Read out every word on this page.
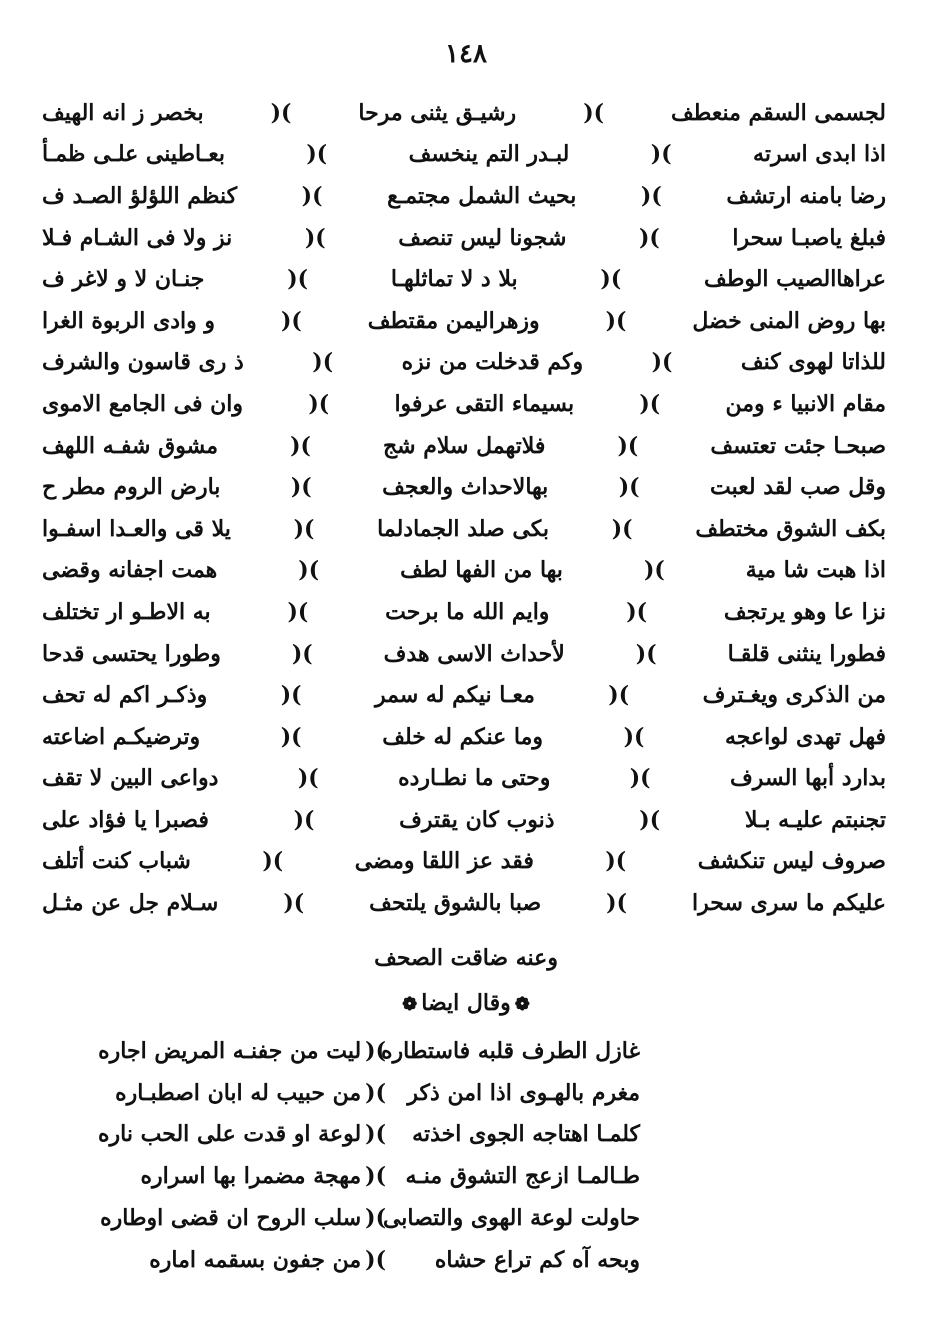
١٤٨
لجسمى السقم منعطف
)(
رشيـق يثنى مرحا
)(
بخصر ز انه الهيف
اذا ابدى اسرته
)(
لبـدر التم ينخسف
)(
بعـاطينى علـى ظمـأ
رضا بامنه ارتشف
)(
بحيث الشمل مجتمـع
)(
كنظم اللؤلؤ الصـد ف
فبلغ ياصبـا سحرا
)(
شجونا ليس تنصف
)(
نز ولا فى الشـام فـلا
عراهاالصيب الوطف
)(
بلا د لا تماثلهـا
)(
جنـان لا و لاغر ف
بها روض المنى خضل
)(
وزهراليمن مقتطف
)(
و وادى الربوة الغرا
للذاتا لهوى كنف
)(
وكم قدخلت من نزه
)(
ذ رى قاسون والشرف
مقام الانبيا ء ومن
)(
بسيماء التقى عرفوا
)(
وان فى الجامع الاموى
صبحـا جئت تعتسف
)(
فلاتهمل سلام شج
)(
مشوق شفـه اللهف
وقل صب لقد لعبت
)(
بهالاحداث والعجف
)(
بارض الروم مطر ح
بكف الشوق مختطف
)(
بكى صلد الجمادلما
)(
يلا قى والعـدا اسفـوا
اذا هبت شا مية
)(
بها من الفها لطف
)(
همت اجفانه وقضى
نزا عا وهو يرتجف
)(
وايم الله ما برحت
)(
به الاطـو ار تختلف
فطورا ينثنى قلقـا
)(
لأحداث الاسى هدف
)(
وطورا يحتسى قدحا
من الذكرى ويغـترف
)(
معـا نيكم له سمر
)(
وذكـر اكم له تحف
فهل تهدى لواعجه
)(
وما عنكم له خلف
)(
وترضيكـم اضاعته
بدارد أبها السرف
)(
وحتى ما نطـارده
)(
دواعى البين لا تقف
تجنبتم عليـه بـلا
)(
ذنوب كان يقترف
)(
فصبرا يا فؤاد على
صروف ليس تنكشف
)(
فقد عز اللقا ومضى
)(
شباب كنت أتلف
عليكم ما سرى سحرا
)(
صبا بالشوق يلتحف
)(
سـلام جل عن مثـل
وعنه ضاقت الصحف
❁وقال ايضا❁
غازل الطرف قلبه فاستطاره
)(
ليت من جفنـه المريض اجاره
مغرم بالهـوى اذا امن ذكر
)(
من حبيب له ابان اصطبـاره
كلمـا اهتاجه الجوى اخذته
)(
لوعة او قدت على الحب ناره
طـالمـا ازعج التشوق منـه
)(
مهجة مضمرا بها اسراره
حاولت لوعة الهوى والتصابى
)(
سلب الروح ان قضى اوطاره
وبحه آه كم تراع حشاه
)(
من جفون بسقمه اماره
